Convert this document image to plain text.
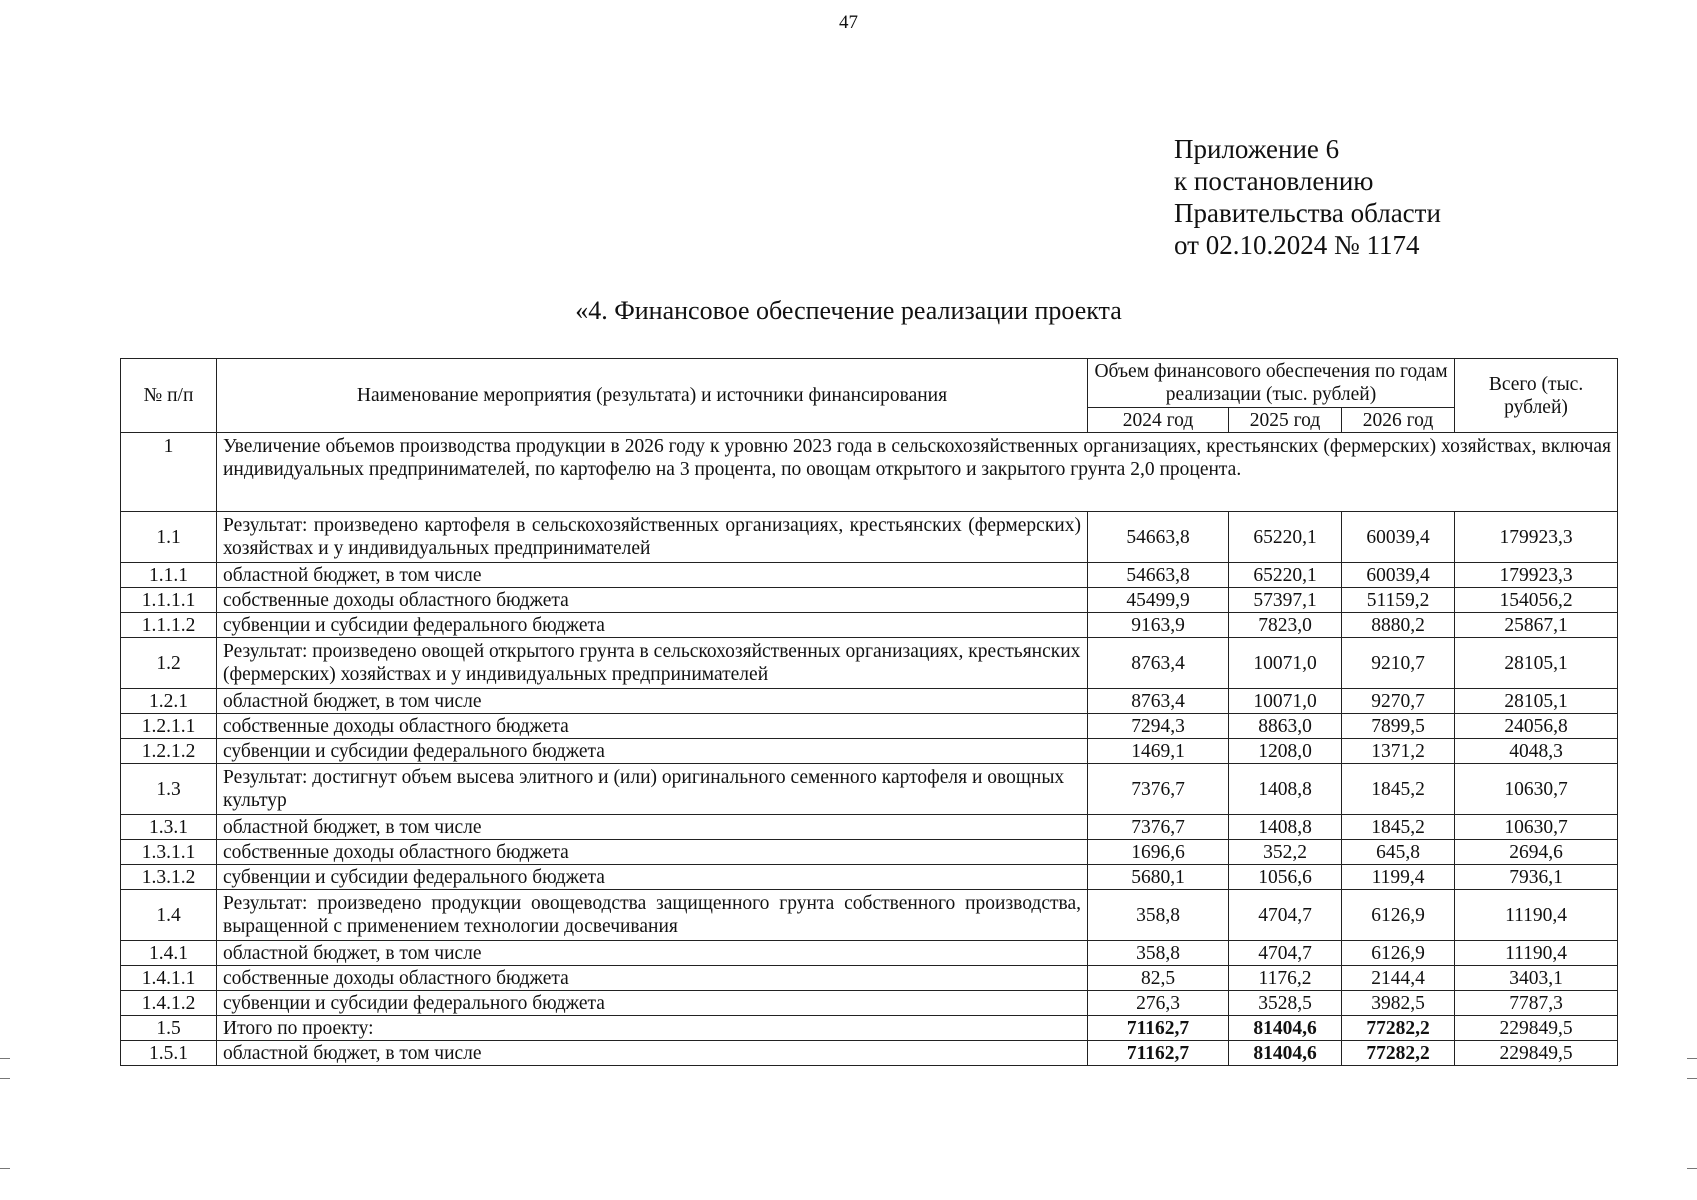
47
Приложение 6
к постановлению
Правительства области
от 02.10.2024 № 1174
«4. Финансовое обеспечение реализации проекта
№ п/п	Наименование мероприятия (результата) и источники финансирования	Объем финансового обеспечения по годам реализации (тыс. рублей)			Всего (тыс. рублей)
		2024 год	2025 год	2026 год	
1	Увеличение объемов производства продукции в 2026 году к уровню 2023 года в сельскохозяйственных организациях, крестьянских (фермерских) хозяйствах, включая индивидуальных предпринимателей, по картофелю на 3 процента, по овощам открытого и закрытого грунта 2,0 процента.				
1.1	Результат: произведено картофеля в сельскохозяйственных организациях, крестьянских (фермерских) хозяйствах и у индивидуальных предпринимателей	54663,8	65220,1	60039,4	179923,3
1.1.1	областной бюджет, в том числе	54663,8	65220,1	60039,4	179923,3
1.1.1.1	собственные доходы областного бюджета	45499,9	57397,1	51159,2	154056,2
1.1.1.2	субвенции и субсидии федерального бюджета	9163,9	7823,0	8880,2	25867,1
1.2	Результат: произведено овощей открытого грунта в сельскохозяйственных организациях, крестьянских (фермерских) хозяйствах и у индивидуальных предпринимателей	8763,4	10071,0	9210,7	28105,1
1.2.1	областной бюджет, в том числе	8763,4	10071,0	9270,7	28105,1
1.2.1.1	собственные доходы областного бюджета	7294,3	8863,0	7899,5	24056,8
1.2.1.2	субвенции и субсидии федерального бюджета	1469,1	1208,0	1371,2	4048,3
1.3	Результат: достигнут объем высева элитного и (или) оригинального семенного картофеля и овощных культур	7376,7	1408,8	1845,2	10630,7
1.3.1	областной бюджет, в том числе	7376,7	1408,8	1845,2	10630,7
1.3.1.1	собственные доходы областного бюджета	1696,6	352,2	645,8	2694,6
1.3.1.2	субвенции и субсидии федерального бюджета	5680,1	1056,6	1199,4	7936,1
1.4	Результат: произведено продукции овощеводства защищенного грунта собственного производства, выращенной с применением технологии досвечивания	358,8	4704,7	6126,9	11190,4
1.4.1	областной бюджет, в том числе	358,8	4704,7	6126,9	11190,4
1.4.1.1	собственные доходы областного бюджета	82,5	1176,2	2144,4	3403,1
1.4.1.2	субвенции и субсидии федерального бюджета	276,3	3528,5	3982,5	7787,3
1.5	Итого по проекту:	71162,7	81404,6	77282,2	229849,5
1.5.1	областной бюджет, в том числе	71162,7	81404,6	77282,2	229849,5
